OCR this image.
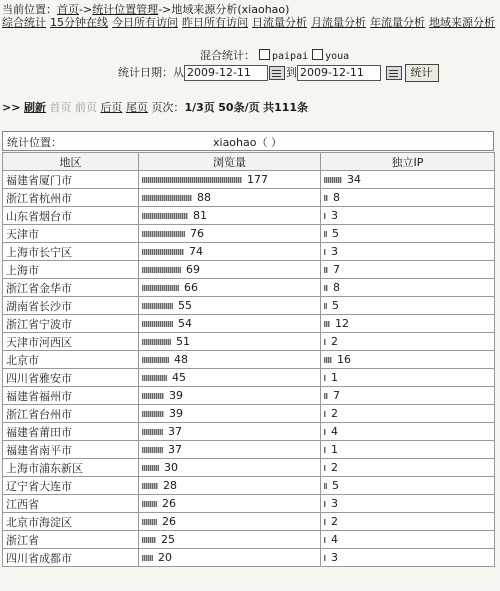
当前位置：首页->统计位置管理->地域来源分析(xiaohao)
综合统计 15分钟在线 今日所有访问 昨日所有访问 日流量分析 月流量分析 年流量分析 地域来源分析
混合统计： paipai youa
统计日期：从 2009-12-11	到 2009-12-11	统计
>> 刷新 首页 前页 后页 尾页 页次：1/3页 50条/页 共111条
统计位置：	xiaohao（ ）
地区	浏览量	独立IP
福建省厦门市	177	34
浙江省杭州市	88	8
山东省烟台市	81	3
天津市	76	5
上海市长宁区	74	3
上海市	69	7
浙江省金华市	66	8
湖南省长沙市	55	5
浙江省宁波市	54	12
天津市河西区	51	2
北京市	48	16
四川省雅安市	45	1
福建省福州市	39	7
浙江省台州市	39	2
福建省莆田市	37	4
福建省南平市	37	1
上海市浦东新区	30	2
辽宁省大连市	28	5
江西省	26	3
北京市海淀区	26	2
浙江省	25	4
四川省成都市	20	3
